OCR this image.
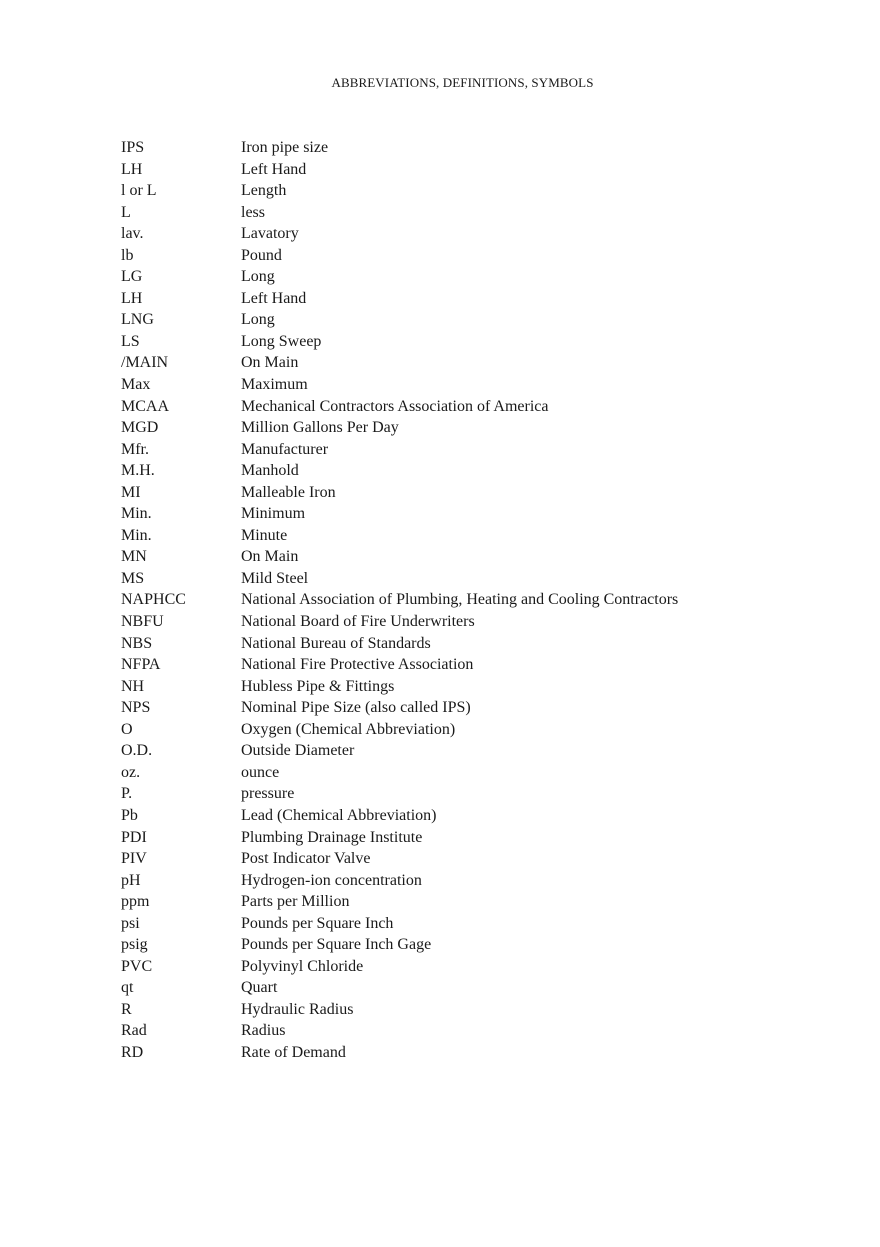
ABBREVIATIONS, DEFINITIONS, SYMBOLS
IPS	Iron pipe size
LH	Left Hand
l or L	Length
L	less
lav.	Lavatory
lb	Pound
LG	Long
LH	Left Hand
LNG	Long
LS	Long Sweep
/MAIN	On Main
Max	Maximum
MCAA	Mechanical Contractors Association of America
MGD	Million Gallons Per Day
Mfr.	Manufacturer
M.H.	Manhold
MI	Malleable Iron
Min.	Minimum
Min.	Minute
MN	On Main
MS	Mild Steel
NAPHCC	National Association of Plumbing, Heating and Cooling Contractors
NBFU	National Board of Fire Underwriters
NBS	National Bureau of Standards
NFPA	National Fire Protective Association
NH	Hubless Pipe & Fittings
NPS	Nominal Pipe Size (also called IPS)
O	Oxygen (Chemical Abbreviation)
O.D.	Outside Diameter
oz.	ounce
P.	pressure
Pb	Lead (Chemical Abbreviation)
PDI	Plumbing Drainage Institute
PIV	Post Indicator Valve
pH	Hydrogen-ion concentration
ppm	Parts per Million
psi	Pounds per Square Inch
psig	Pounds per Square Inch Gage
PVC	Polyvinyl Chloride
qt	Quart
R	Hydraulic Radius
Rad	Radius
RD	Rate of Demand
